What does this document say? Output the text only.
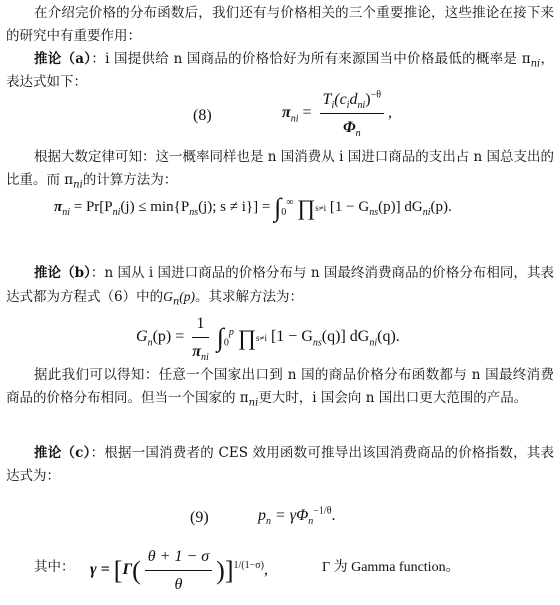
在介绍完价格的分布函数后，我们还有与价格相关的三个重要推论，这些推论在接下来的研究中有重要作用：

推论（a）：i 国提供给 n 国商品的价格恰好为所有来源国当中价格最低的概率是 $\pi_{ni}$，表达式如下：

(8)	$\pi_{ni} = \frac{T_i(c_id_{ni})^{-\theta}}{\Phi_n}$ ,

根据大数定律可知：这一概率同样也是 n 国消费从 i 国进口商品的支出占 n 国总支出的比重。而 $\pi_{ni}$的计算方法为：

$\pi_{ni} = Pr[P_{ni}(j) \le \min\{P_{ns}(j)$; $s \ne i\}] = \int_0^\infty$ ∏s≠i $[1 - G_{ns}(p)]$ $dG_{ni}(p)$.

推论（b）：n 国从 i 国进口商品的价格分布与 n 国最终消费商品的价格分布相同，其表达式都为方程式（6）中的$G_n(p)$。其求解方法为：

$G_n(p) = \frac{1}{\pi_{ni}} \int_0^p$ ∏s≠i $[1 - G_{ns}(q)]$ $dG_{ni}(q)$.

据此我们可以得知：任意一个国家出口到 n 国的商品价格分布函数都与 n 国最终消费商品的价格分布相同。但当一个国家的 $\pi_{ni}$更大时，i 国会向 n 国出口更大范围的产品。

推论（c）：根据一国消费者的 CES 效用函数可推导出该国消费商品的价格指数，其表达式为：

(9)	$p_n = \gamma\Phi_n^{-1/\theta}$.
其中： $\gamma = [\Gamma( \frac{\theta + 1 - \sigma}{\theta} )]^{1/(1-\sigma)}$,	Γ 为 Gamma function。
